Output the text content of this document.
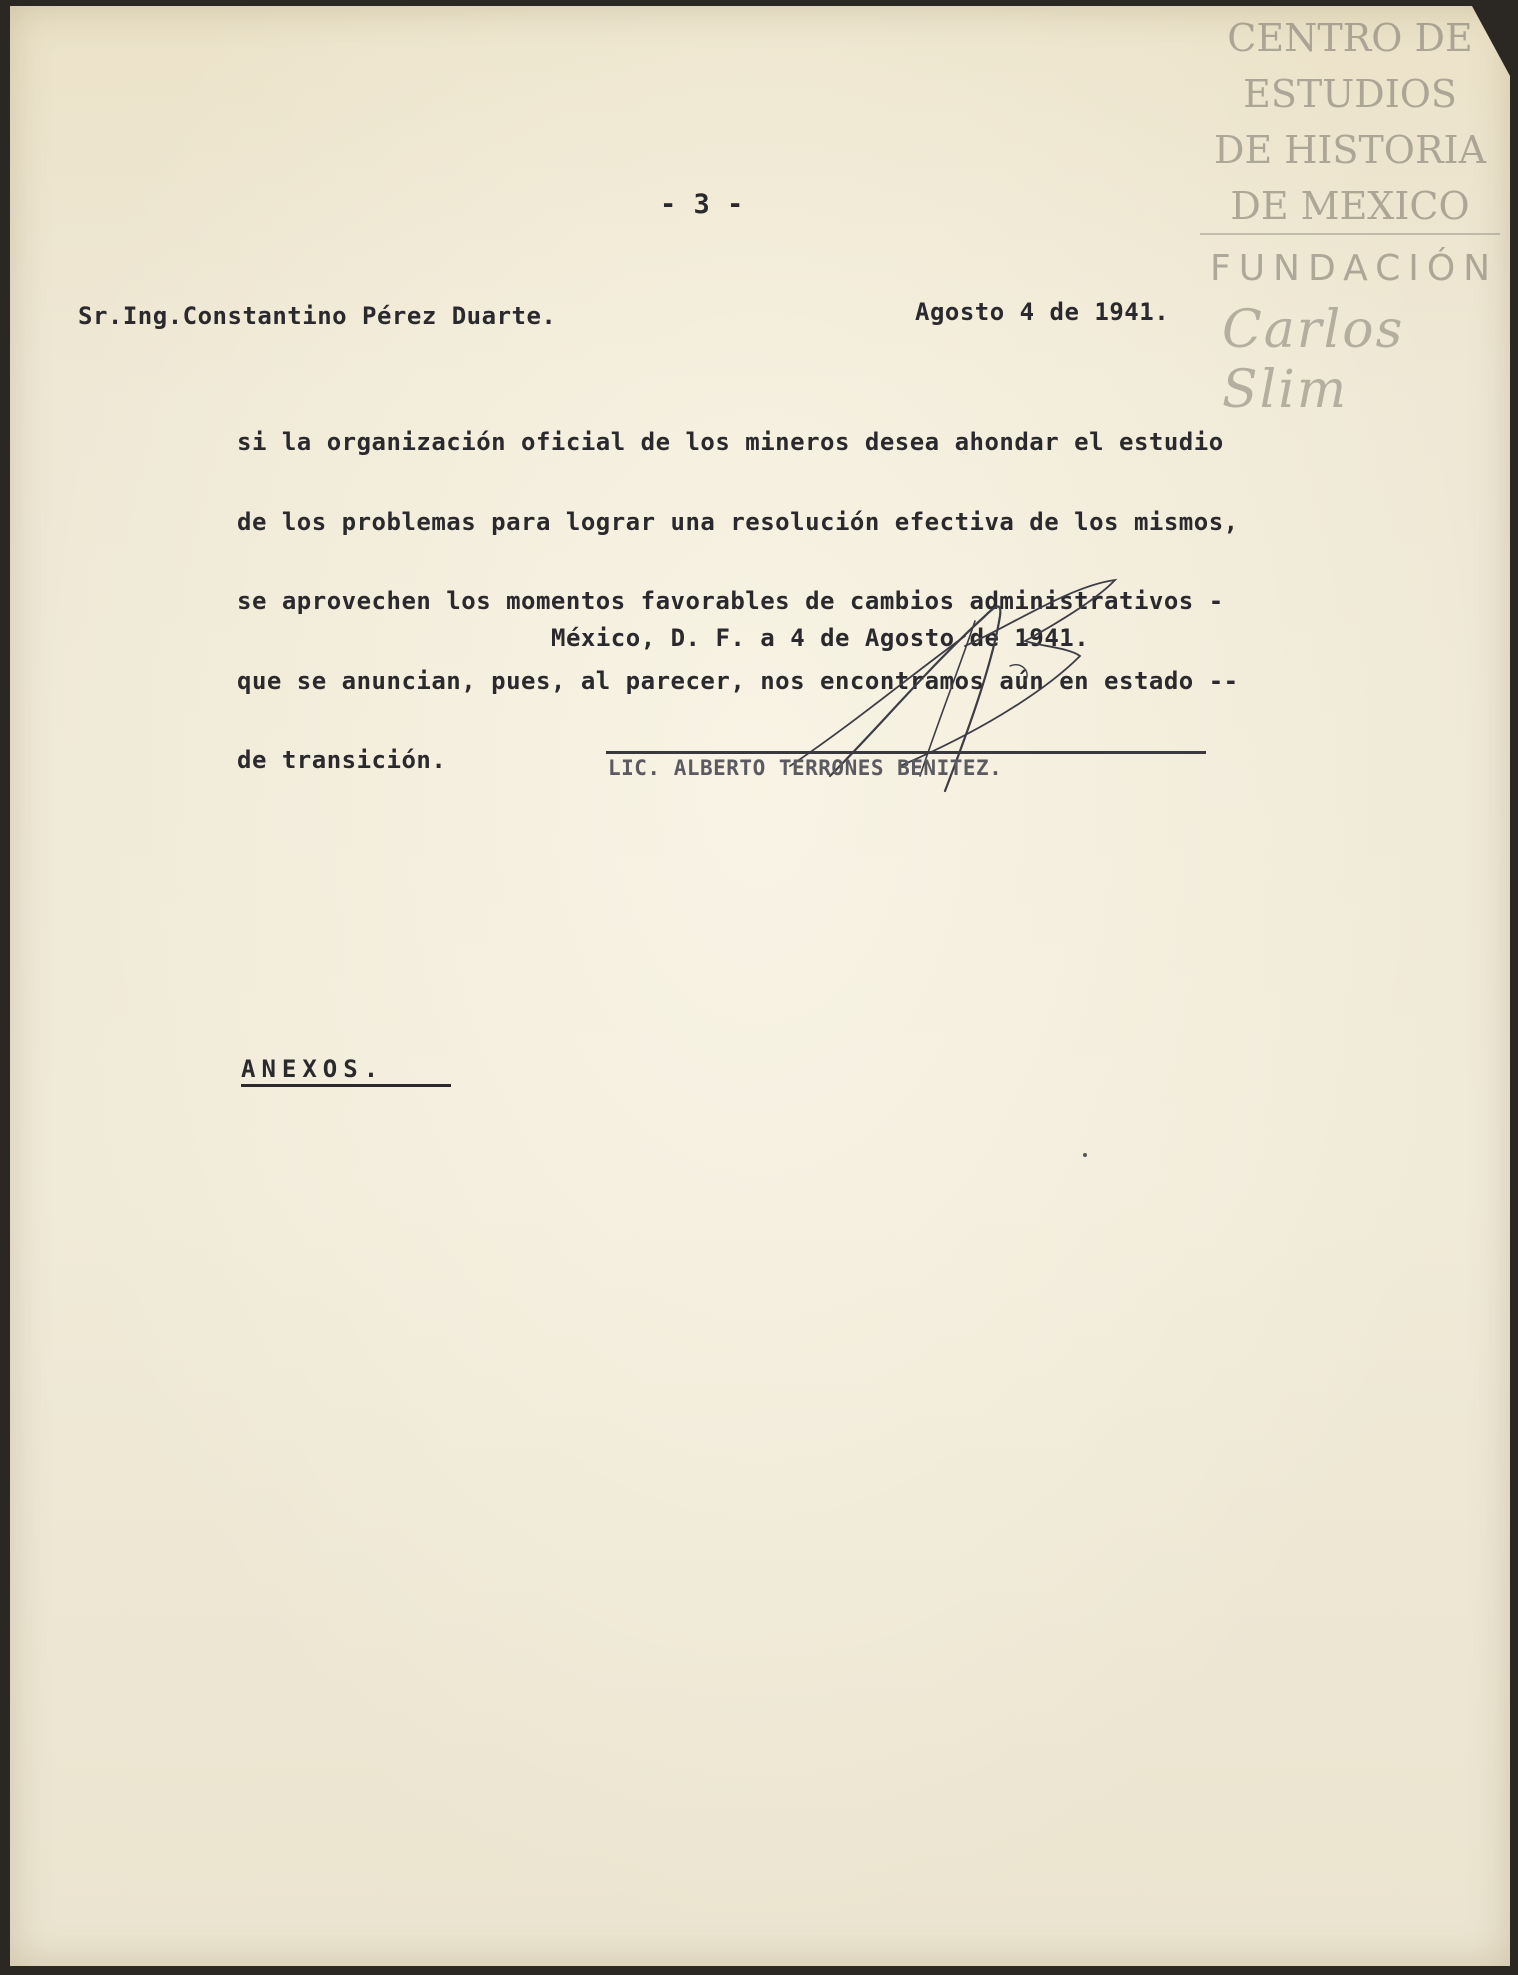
- 3 -
Sr.Ing.Constantino Pérez Duarte.	Agosto 4 de 1941.

si la organización oficial de los mineros desea ahondar el estudio

de los problemas para lograr una resolución efectiva de los mismos,

se aprovechen los momentos favorables de cambios administrativos -

que se anuncian, pues, al parecer, nos encontramos aún en estado --

de transición.

México, D. F. a 4 de Agosto de 1941.
LIC. ALBERTO TERRONES BENITEZ.
ANEXOS.
CENTRO DE
ESTUDIOS
DE HISTORIA
DE MEXICO
FUNDACIÓN
Carlos Slim
